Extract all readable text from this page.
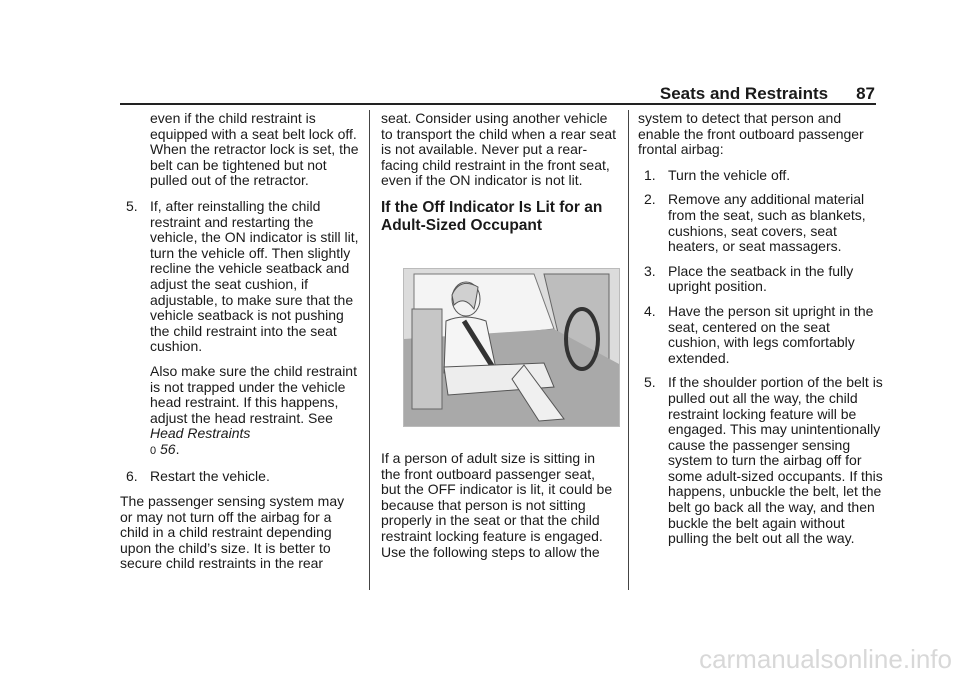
Seats and Restraints 87

even if the child restraint is equipped with a seat belt lock off. When the retractor lock is set, the belt can be tightened but not pulled out of the retractor.

5. If, after reinstalling the child restraint and restarting the vehicle, the ON indicator is still lit, turn the vehicle off. Then slightly recline the vehicle seatback and adjust the seat cushion, if adjustable, to make sure that the vehicle seatback is not pushing the child restraint into the seat cushion.

Also make sure the child restraint is not trapped under the vehicle head restraint. If this happens, adjust the head restraint. See Head Restraints
0 56.

6. Restart the vehicle.

The passenger sensing system may or may not turn off the airbag for a child in a child restraint depending upon the child’s size. It is better to secure child restraints in the rear

seat. Consider using another vehicle to transport the child when a rear seat is not available. Never put a rear-facing child restraint in the front seat, even if the ON indicator is not lit.

If the Off Indicator Is Lit for an Adult-Sized Occupant

If a person of adult size is sitting in the front outboard passenger seat, but the OFF indicator is lit, it could be because that person is not sitting properly in the seat or that the child restraint locking feature is engaged. Use the following steps to allow the

system to detect that person and enable the front outboard passenger frontal airbag:

1. Turn the vehicle off.
2. Remove any additional material from the seat, such as blankets, cushions, seat covers, seat heaters, or seat massagers.
3. Place the seatback in the fully upright position.
4. Have the person sit upright in the seat, centered on the seat cushion, with legs comfortably extended.
5. If the shoulder portion of the belt is pulled out all the way, the child restraint locking feature will be engaged. This may unintentionally cause the passenger sensing system to turn the airbag off for some adult-sized occupants. If this happens, unbuckle the belt, let the belt go back all the way, and then buckle the belt again without pulling the belt out all the way.
carmanualsonline.info
